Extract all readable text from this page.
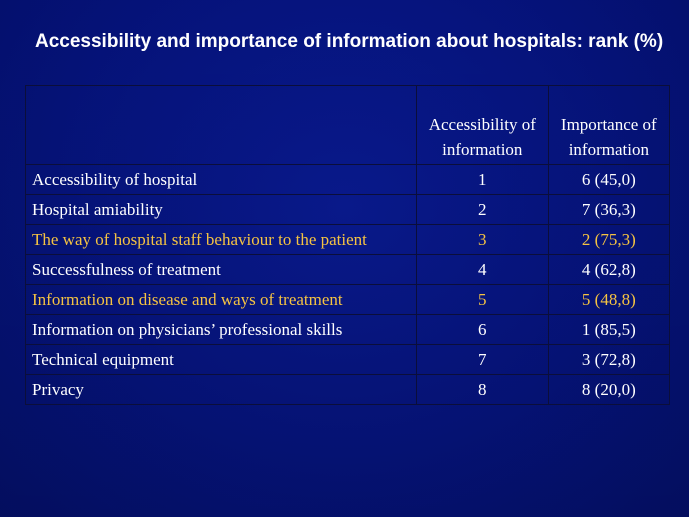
Accessibility and importance of information about hospitals: rank (%)
	Accessibility of information	Importance of information
Accessibility of hospital	1	6 (45,0)
Hospital amiability	2	7 (36,3)
The way of hospital staff behaviour to the patient	3	2 (75,3)
Successfulness of treatment	4	4 (62,8)
Information on disease and ways of treatment	5	5 (48,8)
Information on physicians’ professional skills	6	1 (85,5)
Technical equipment	7	3 (72,8)
Privacy	8	8 (20,0)
